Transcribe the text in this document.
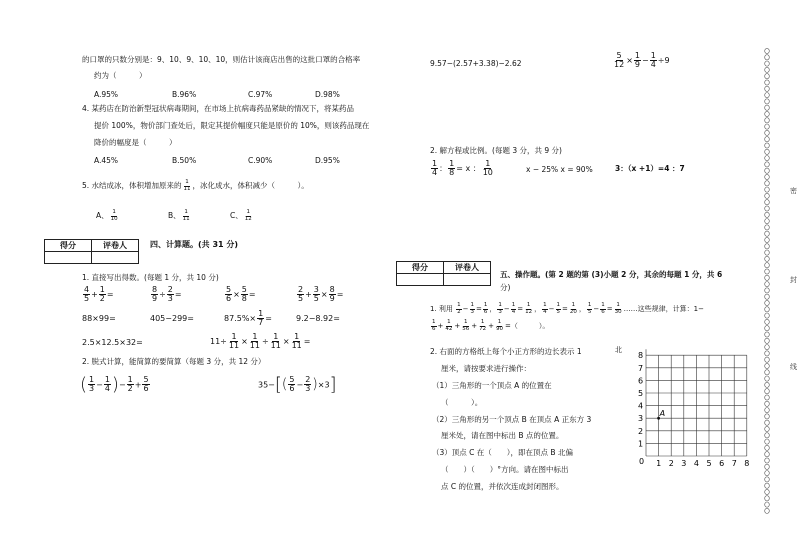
的口罩的只数分别是：9、10、9、10、10，则估计该商店出售的这批口罩的合格率
约为（　　　）
A.95%	B.96%	C.97%	D.98%
4. 某药店在防治新型冠状病毒期间，在市场上抗病毒药品紧缺的情况下，将某药品
提价 100%，物价部门查处后，限定其提价幅度只能是原价的 10%，则该药品现在
降价的幅度是（　　　）
A.45%	B.50%	C.90%	D.95%
5. 水结成冰，体积增加原来的 $\frac{1}{11}$ ，冰化成水，体积减少（　　　）。
A、 $\frac{1}{10}$	B、 $\frac{1}{11}$	C、 $\frac{1}{12}$
得分	评卷人
		四、计算题。(共 31 分)
1. 直接写出得数。(每题 1 分，共 10 分)
$\frac{4}{5} + \frac{1}{2}$ =	$\frac{8}{9} \div \frac{2}{3}$ =	$\frac{5}{6} \times \frac{5}{8}$ =	$\frac{2}{5} + \frac{3}{5} \times \frac{8}{9}$ =
88×99=	405−299=	$87.5\%\times \frac{1}{7}$ =	9.2−8.92=
2.5×12.5×32=	$11\div \frac{1}{11} \times \frac{1}{11} \div \frac{1}{11} \times \frac{1}{11}$ =
2. 脱式计算，能简算的要简算（每题 3 分，共 12 分）
( $\frac{1}{3} - \frac{1}{4}$ )− $\frac{1}{2} + \frac{5}{6}$	$35-[( \frac{5}{6} - \frac{2}{3} )\times 3]$
9.57−(2.57+3.38)−2.62	$\frac{5}{12} \times \frac{1}{9} - \frac{1}{4} \div 9$
2. 解方程或比例。(每题 3 分，共 9 分)
$\frac{1}{4}$ ： $\frac{1}{8} = x$ ： $\frac{1}{10}$	x − 25% x = 90%	3：（x +1）=4 ：7
得分	评卷人

五、操作题。(第 2 题的第 (3)小题 2 分，其余的每题 1 分，共 6
分)
1. 利用 $\frac{1}{2} - \frac{1}{3} = \frac{1}{6}$ ， $\frac{1}{3} - \frac{1}{4} = \frac{1}{12}$ ， $\frac{1}{4} - \frac{1}{5} = \frac{1}{20}$ ， $\frac{1}{5} - \frac{1}{6} = \frac{1}{30}$ ……这些规律，计算：1−
$\frac{1}{6} + \frac{1}{42} + \frac{1}{56} + \frac{1}{72} + \frac{1}{90}$ =（　　　）。
2. 右面的方格纸上每个小正方形的边长表示 1
厘米，请按要求进行操作：
（1）三角形的一个顶点 A 的位置在
（　　　）。
（2）三角形的另一个顶点 B 在顶点 A 正东方 3
厘米处，请在图中标出 B 点的位置。
（3）顶点 C 在（　　），即在顶点 B 北偏
（　　）（　　）°方向。请在图中标出
点 C 的位置，并依次连成封闭图形。
北
0 1 2 3 4 5 6 7 8
1
2
3
4
5
6
7
8
A
密
封
线
